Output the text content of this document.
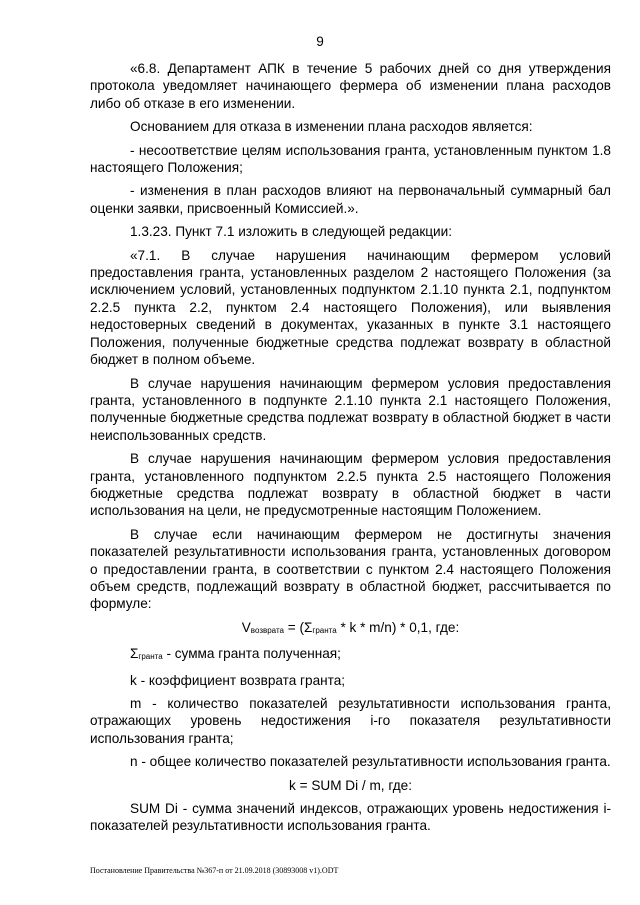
9

«6.8. Департамент АПК в течение 5 рабочих дней со дня утверждения протокола уведомляет начинающего фермера об изменении плана расходов либо об отказе в его изменении.

Основанием для отказа в изменении плана расходов является:

- несоответствие целям использования гранта, установленным пунктом 1.8 настоящего Положения;

- изменения в план расходов влияют на первоначальный суммарный бал оценки заявки, присвоенный Комиссией.».

1.3.23. Пункт 7.1 изложить в следующей редакции:

«7.1. В случае нарушения начинающим фермером условий предоставления гранта, установленных разделом 2 настоящего Положения (за исключением условий, установленных подпунктом 2.1.10 пункта 2.1, подпунктом 2.2.5 пункта 2.2, пунктом 2.4 настоящего Положения), или выявления недостоверных сведений в документах, указанных в пункте 3.1 настоящего Положения, полученные бюджетные средства подлежат возврату в областной бюджет в полном объеме.

В случае нарушения начинающим фермером условия предоставления гранта, установленного в подпункте 2.1.10 пункта 2.1 настоящего Положения, полученные бюджетные средства подлежат возврату в областной бюджет в части неиспользованных средств.

В случае нарушения начинающим фермером условия предоставления гранта, установленного подпунктом 2.2.5 пункта 2.5 настоящего Положения бюджетные средства подлежат возврату в областной бюджет в части использования на цели, не предусмотренные настоящим Положением.

В случае если начинающим фермером не достигнуты значения показателей результативности использования гранта, установленных договором о предоставлении гранта, в соответствии с пунктом 2.4 настоящего Положения объем средств, подлежащий возврату в областной бюджет, рассчитывается по формуле:

$V_{возврата} = (\Sigma_{гранта} * k * m/n) * 0,1$, где:

$\Sigma_{гранта}$ - сумма гранта полученная;

k - коэффициент возврата гранта;

m - количество показателей результативности использования гранта, отражающих уровень недостижения i-го показателя результативности использования гранта;

n - общее количество показателей результативности использования гранта.

k = SUM Di / m, где:

SUM Di - сумма значений индексов, отражающих уровень недостижения i- показателей результативности использования гранта.

Постановление Правительства №367-п от 21.09.2018 (30893008 v1).ODT
